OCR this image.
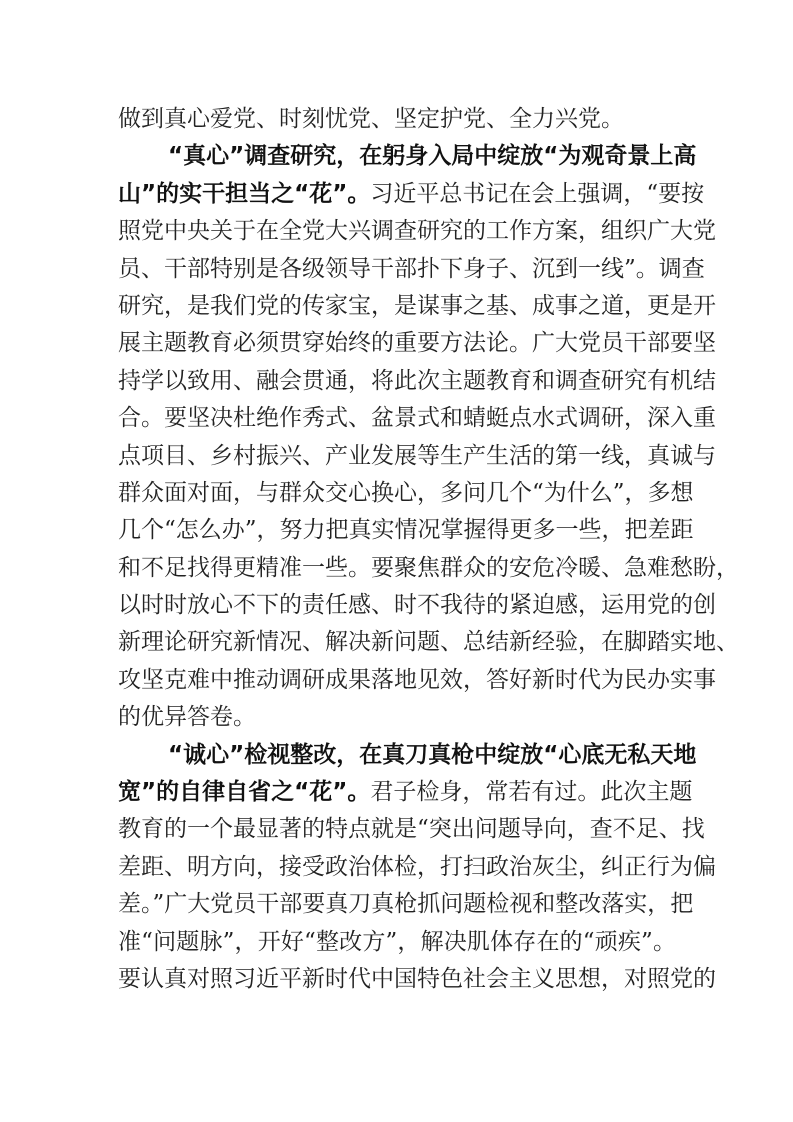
做到真心爱党、时刻忧党、坚定护党、全力兴党。
“真心”调查研究，在躬身入局中绽放“为观奇景上高
山”的实干担当之“花”。习近平总书记在会上强调，“要按
照党中央关于在全党大兴调查研究的工作方案，组织广大党
员、干部特别是各级领导干部扑下身子、沉到一线”。调查
研究，是我们党的传家宝，是谋事之基、成事之道，更是开
展主题教育必须贯穿始终的重要方法论。广大党员干部要坚
持学以致用、融会贯通，将此次主题教育和调查研究有机结
合。要坚决杜绝作秀式、盆景式和蜻蜓点水式调研，深入重
点项目、乡村振兴、产业发展等生产生活的第一线，真诚与
群众面对面，与群众交心换心，多问几个“为什么”，多想
几个“怎么办”，努力把真实情况掌握得更多一些，把差距
和不足找得更精准一些。要聚焦群众的安危冷暖、急难愁盼，
以时时放心不下的责任感、时不我待的紧迫感，运用党的创
新理论研究新情况、解决新问题、总结新经验，在脚踏实地、
攻坚克难中推动调研成果落地见效，答好新时代为民办实事
的优异答卷。
“诚心”检视整改，在真刀真枪中绽放“心底无私天地
宽”的自律自省之“花”。君子检身，常若有过。此次主题
教育的一个最显著的特点就是“突出问题导向，查不足、找
差距、明方向，接受政治体检，打扫政治灰尘，纠正行为偏
差。”广大党员干部要真刀真枪抓问题检视和整改落实，把
准“问题脉”，开好“整改方”，解决肌体存在的“顽疾”。
要认真对照习近平新时代中国特色社会主义思想，对照党的
